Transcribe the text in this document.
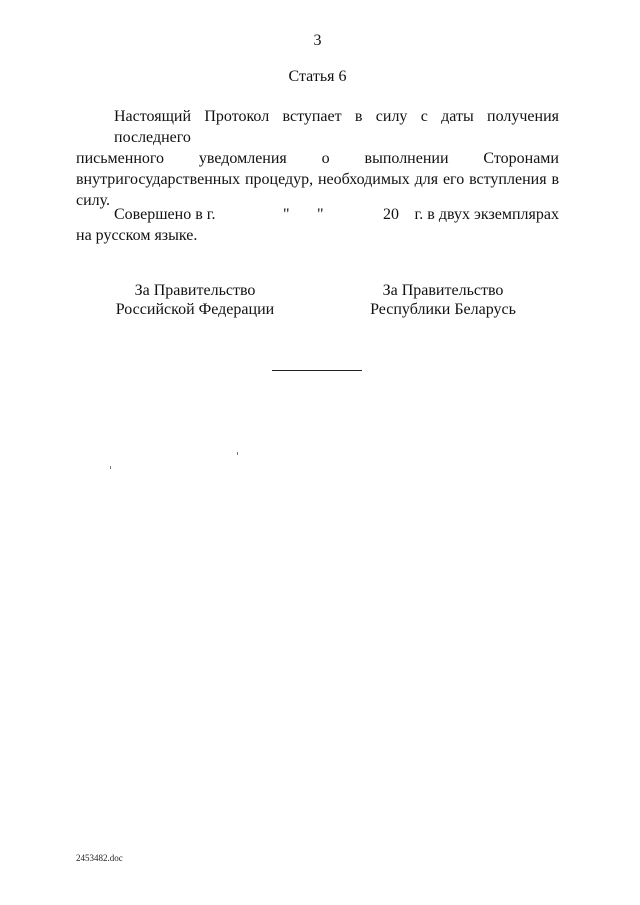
3
Статья 6
Настоящий Протокол вступает в силу с даты получения последнего
письменного уведомления о выполнении Сторонами
внутригосударственных процедур, необходимых для его вступления в
силу.
Совершено в г.	" "	20 г. в двух экземплярах
на русском языке.
За Правительство
Российской Федерации
За Правительство
Республики Беларусь
2453482.doc
